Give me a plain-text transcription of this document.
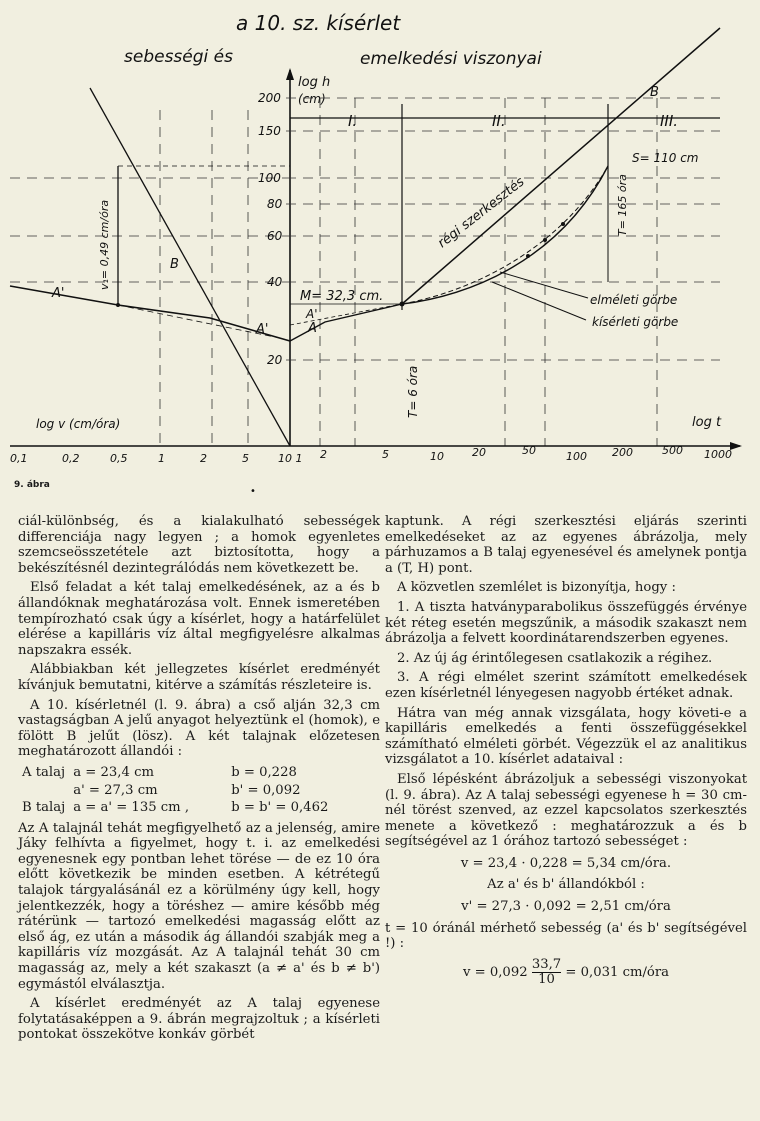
a 10. sz. kísérlet
sebességi és	emelkedési viszonyai
log h
(cm)
200
150
100
80
60
40
20
I.	II.	III.
log v (cm/óra)	log t
0,1	0,2	0,5	1	2	5	10 1 2	5	10	20	50	100 200	500 1000
B
A'
A'
v₁= 0,49 cm/óra
A
A'
M= 32,3 cm.
T= 6 óra
régi szerkesztés
B
T= 165 óra
S= 110 cm
elméleti görbe
kísérleti görbe
•
9. ábra

ciál-különbség, és a kialakulható sebességek differenciája nagy legyen ; a homok egyenletes szemcseösszetétele azt biztosította, hogy a bekészítésnél dezintegrálódás nem következett be.

Első feladat a két talaj emelkedésének, az a és b állandóknak meghatározása volt. Ennek ismeretében tempírozható csak úgy a kísérlet, hogy a határfelület elérése a kapilláris víz által megfigyelésre alkalmas napszakra essék.

Alábbiakban két jellegzetes kísérlet eredményét kívánjuk bemutatni, kitérve a számítás részleteire is.

A 10. kísérletnél (l. 9. ábra) a cső alján 32,3 cm vastagságban A jelű anyagot helyeztünk el (homok), e fölött B jelűt (lösz). A két talajnak előzetesen meghatározott állandói :

A talaj	a = 23,4 cm	b = 0,228
	a' = 27,3 cm	b' = 0,092
B talaj	a = a' = 135 cm ,	b = b' = 0,462

Az A talajnál tehát megfigyelhető az a jelenség, amire Jáky felhívta a figyelmet, hogy t. i. az emelkedési egyenesnek egy pontban lehet törése — de ez 10 óra előtt következik be minden esetben. A kétrétegű talajok tárgyalásánál ez a körülmény úgy kell, hogy jelentkezzék, hogy a töréshez — amire később még rátérünk — tartozó emelkedési magasság előtt az első ág, ez után a második ág állandói szabják meg a kapilláris víz mozgását. Az A talajnál tehát 30 cm magasság az, mely a két szakaszt (a ≠ a' és b ≠ b') egymástól elválasztja.

A kísérlet eredményét az A talaj egyenese folytatásaképpen a 9. ábrán megrajzoltuk ; a kísérleti pontokat összekötve konkáv görbét

kaptunk. A régi szerkesztési eljárás szerinti emelkedéseket az az egyenes ábrázolja, mely párhuzamos a B talaj egyenesével és amelynek pontja a (T, H) pont.

A közvetlen szemlélet is bizonyítja, hogy :

1. A tiszta hatványparabolikus összefüggés érvénye két réteg esetén megszűnik, a második szakaszt nem ábrázolja a felvett koordinátarendszerben egyenes.

2. Az új ág érintőlegesen csatlakozik a régihez.

3. A régi elmélet szerint számított emelkedések ezen kísérletnél lényegesen nagyobb értéket adnak.

Hátra van még annak vizsgálata, hogy követi-e a kapilláris emelkedés a fenti összefüggésekkel számítható elméleti görbét. Végezzük el az analitikus vizsgálatot a 10. kísérlet adataival :

Első lépésként ábrázoljuk a sebességi viszonyokat (l. 9. ábra). Az A talaj sebességi egyenese h = 30 cm-nél törést szenved, az ezzel kapcsolatos szerkesztés menete a következő : meghatározzuk a és b segítségével az 1 órához tartozó sebességet :

v = 23,4 · 0,228 = 5,34 cm/óra.

Az a' és b' állandókból :

v' = 27,3 · 0,092 = 2,51 cm/óra

t = 10 óránál mérhető sebesség (a' és b' segítségével !) :

$v = 0,092 \frac{33,7}{10} = 0,031$ cm/óra
